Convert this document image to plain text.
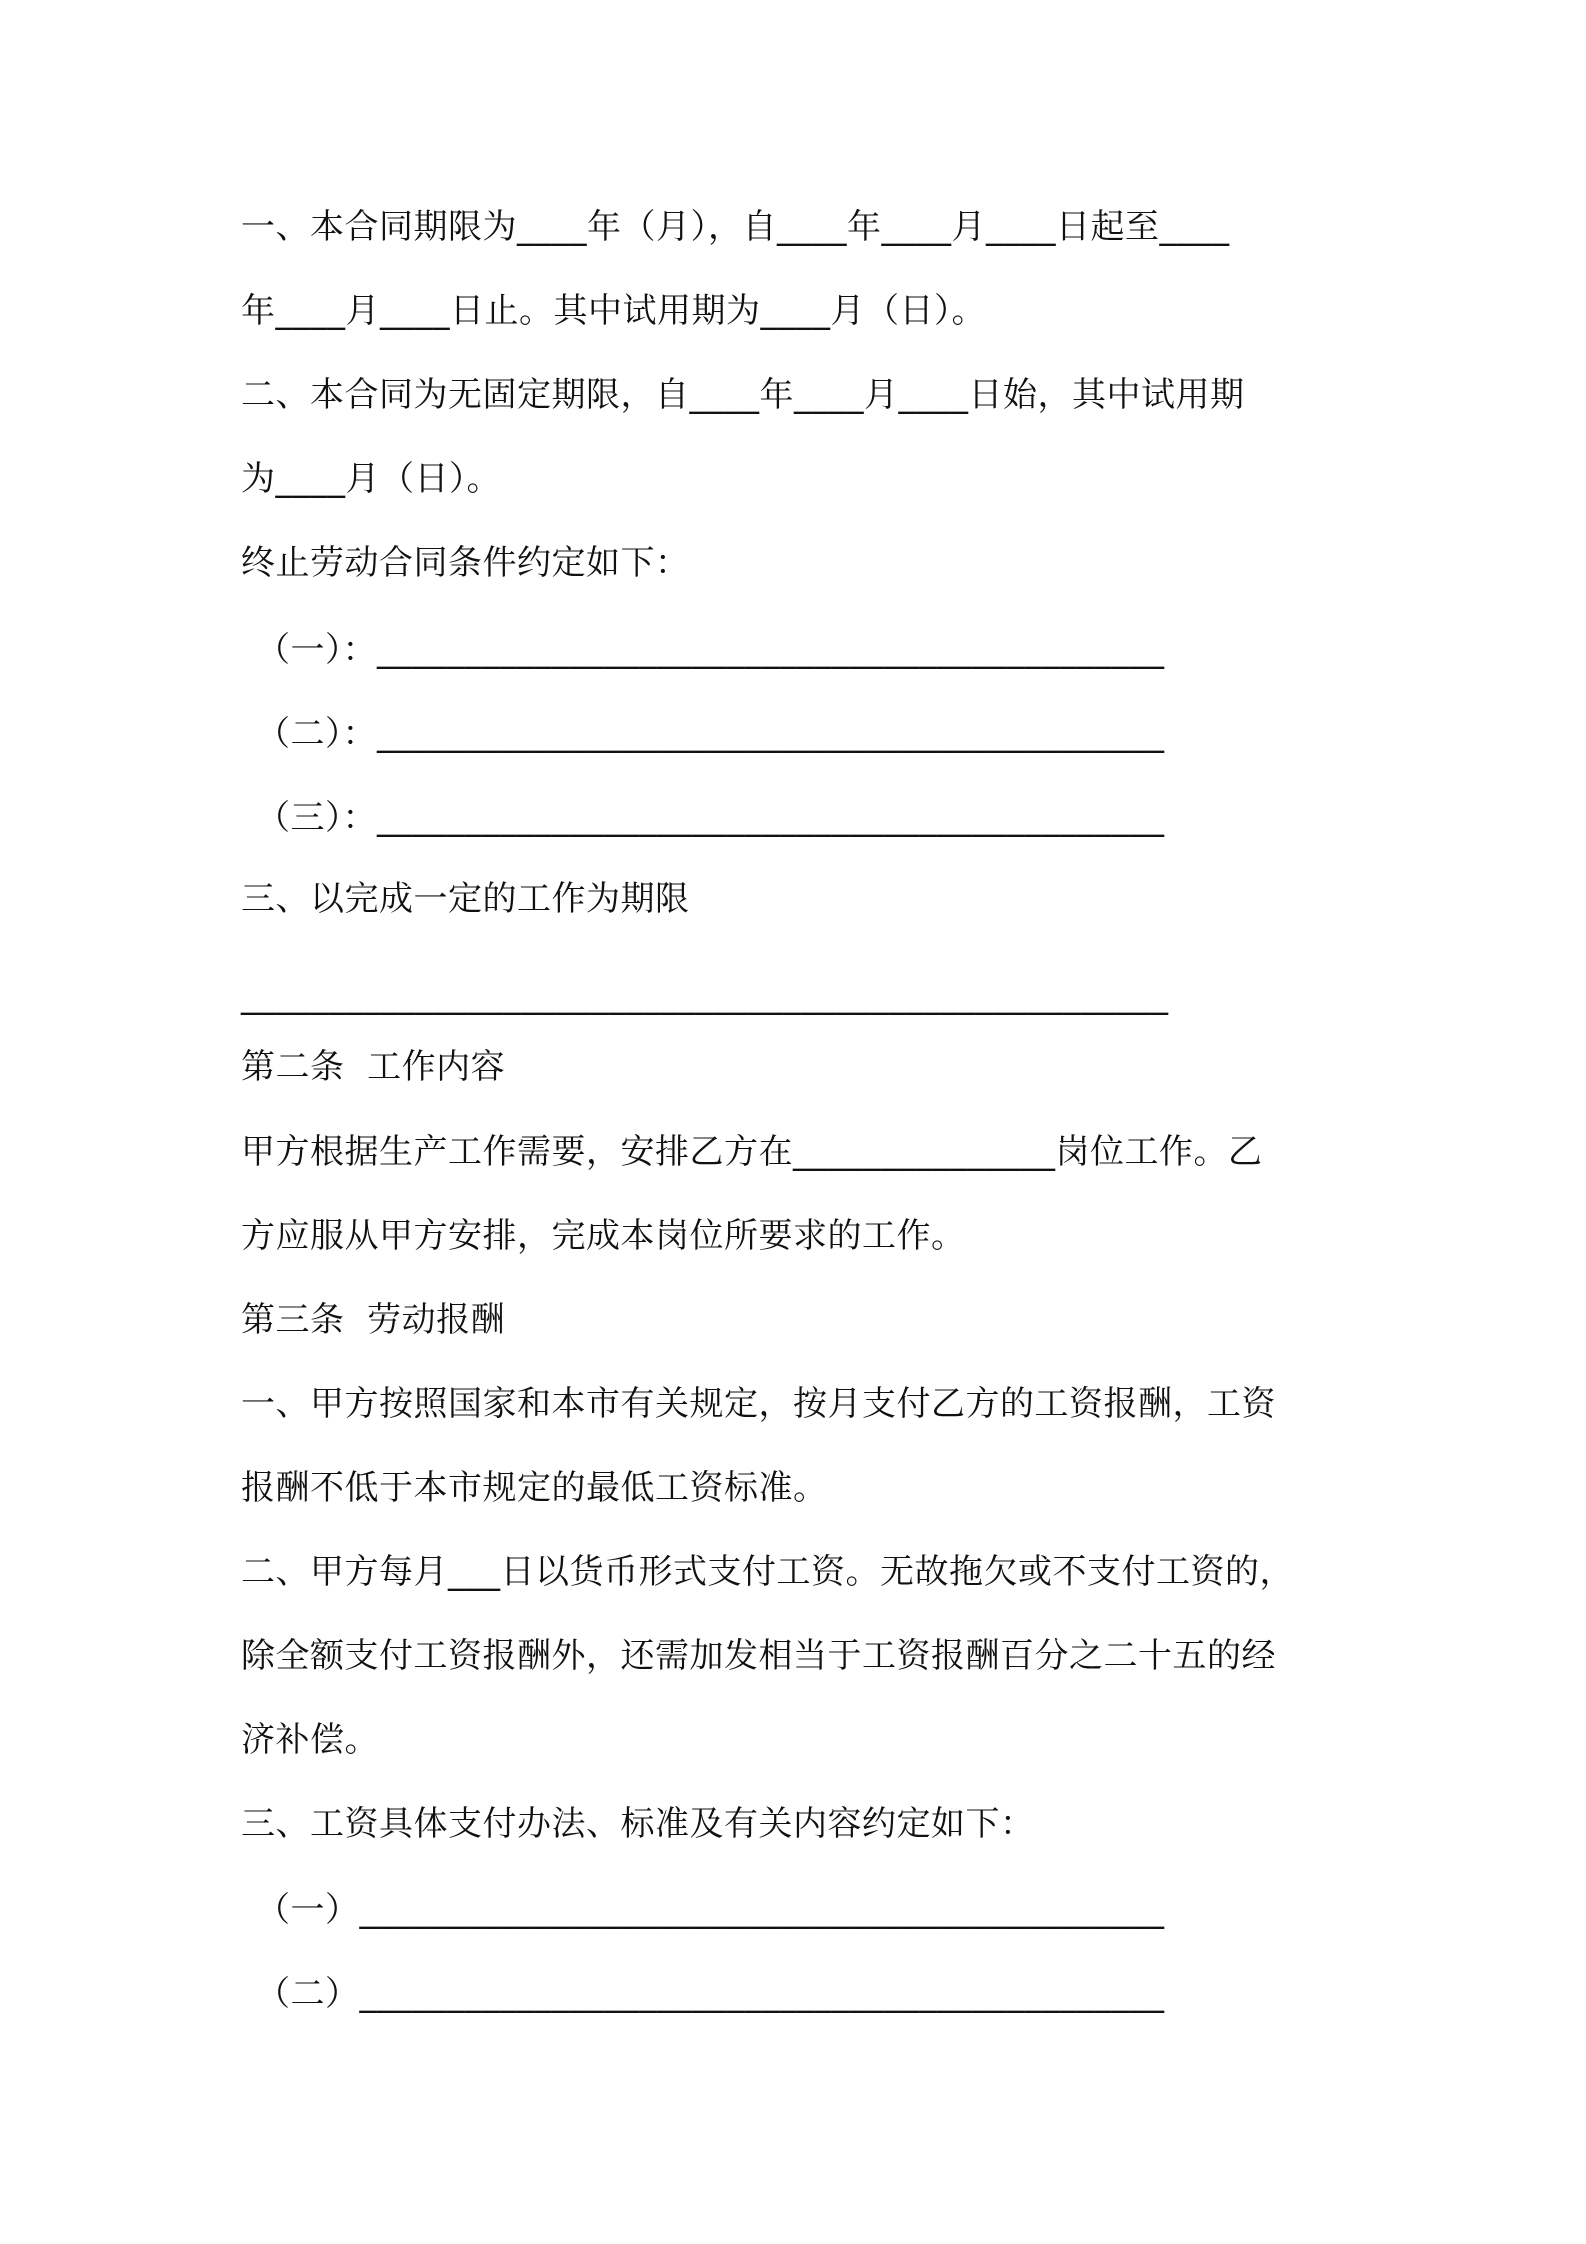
一、本合同期限为____年（月），自____年____月____日起至____
年____月____日止。其中试用期为____月（日）。
二、本合同为无固定期限，自____年____月____日始，其中试用期
为____月（日）。
终止劳动合同条件约定如下：
（一）：_____________________________________________
（二）：_____________________________________________
（三）：_____________________________________________
三、以完成一定的工作为期限
_____________________________________________________
第二条  工作内容
甲方根据生产工作需要，安排乙方在_______________岗位工作。乙
方应服从甲方安排，完成本岗位所要求的工作。
第三条  劳动报酬
一、甲方按照国家和本市有关规定，按月支付乙方的工资报酬，工资
报酬不低于本市规定的最低工资标准。
二、甲方每月___日以货币形式支付工资。无故拖欠或不支付工资的，
除全额支付工资报酬外，还需加发相当于工资报酬百分之二十五的经
济补偿。
三、工资具体支付办法、标准及有关内容约定如下：
（一）______________________________________________
（二）______________________________________________
